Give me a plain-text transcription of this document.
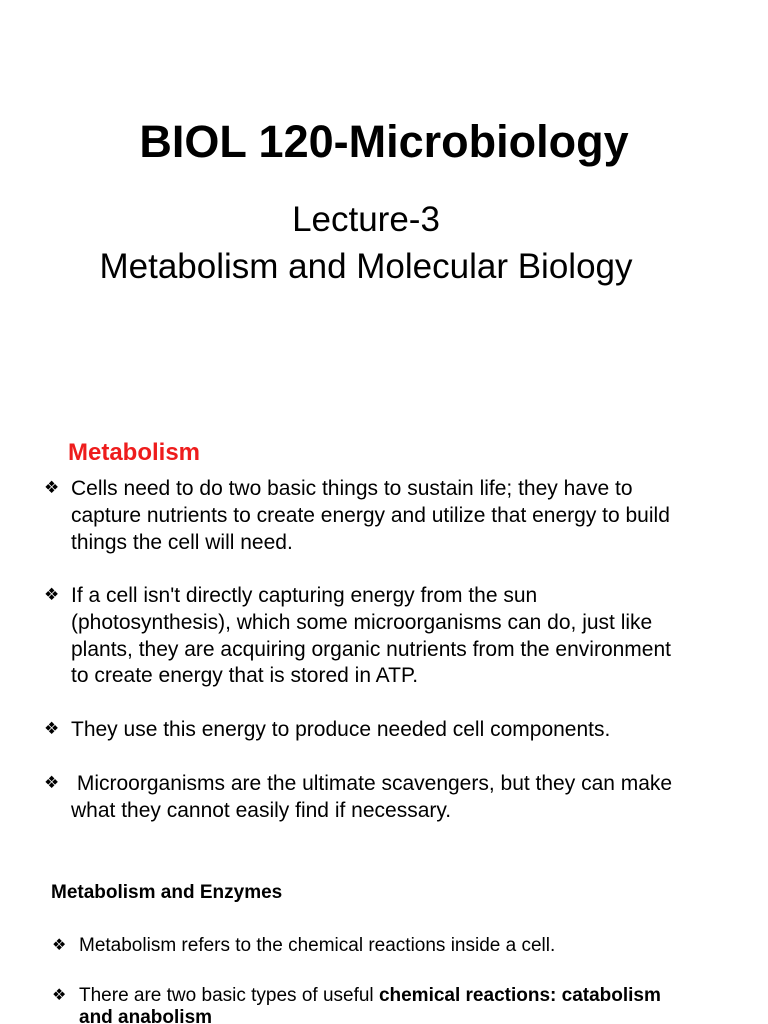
BIOL 120-Microbiology
Lecture-3
Metabolism and Molecular Biology
Metabolism
❖ Cells need to do two basic things to sustain life; they have to capture nutrients to create energy and utilize that energy to build things the cell will need.
❖ If a cell isn't directly capturing energy from the sun (photosynthesis), which some microorganisms can do, just like plants, they are acquiring organic nutrients from the environment to create energy that is stored in ATP.
❖ They use this energy to produce needed cell components.
❖ Microorganisms are the ultimate scavengers, but they can make what they cannot easily find if necessary.
Metabolism and Enzymes
❖ Metabolism refers to the chemical reactions inside a cell.
❖ There are two basic types of useful chemical reactions: catabolism and anabolism
